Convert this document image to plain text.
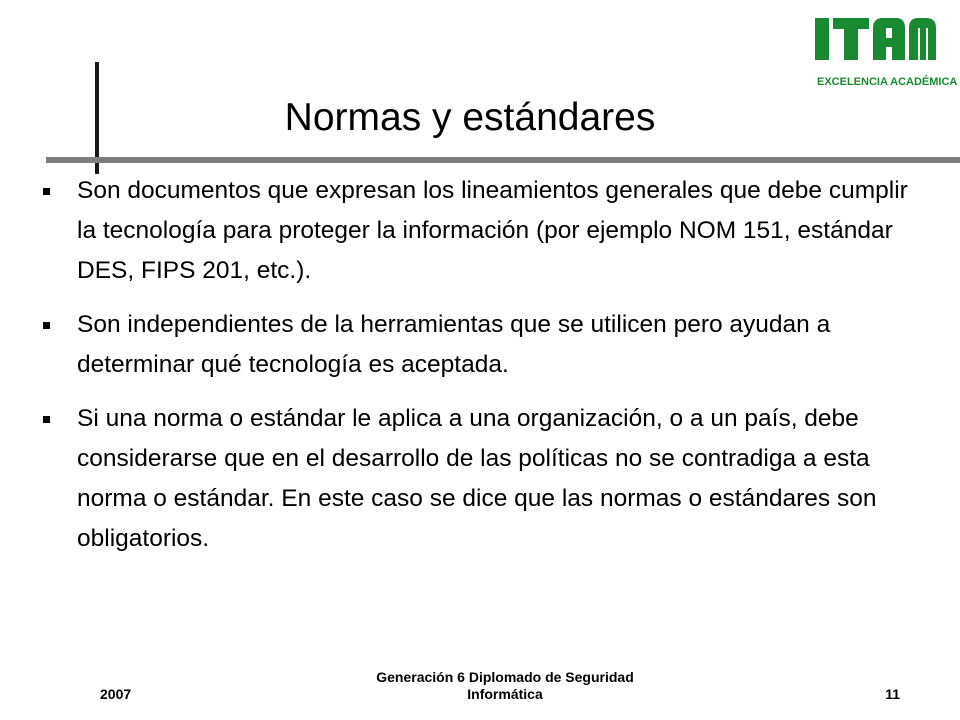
EXCELENCIA ACADÉMICA
Normas y estándares
Son documentos que expresan los lineamientos generales que debe cumplir la tecnología para proteger la información (por ejemplo NOM 151, estándar DES, FIPS 201, etc.).
Son independientes de la herramientas que se utilicen pero ayudan a determinar qué tecnología es aceptada.
Si una norma o estándar le aplica a una organización, o a un país, debe considerarse que en el desarrollo de las políticas no se contradiga a esta norma o estándar. En este caso se dice que las normas o estándares son obligatorios.
2007
Generación 6 Diplomado de Seguridad
Informática	11
